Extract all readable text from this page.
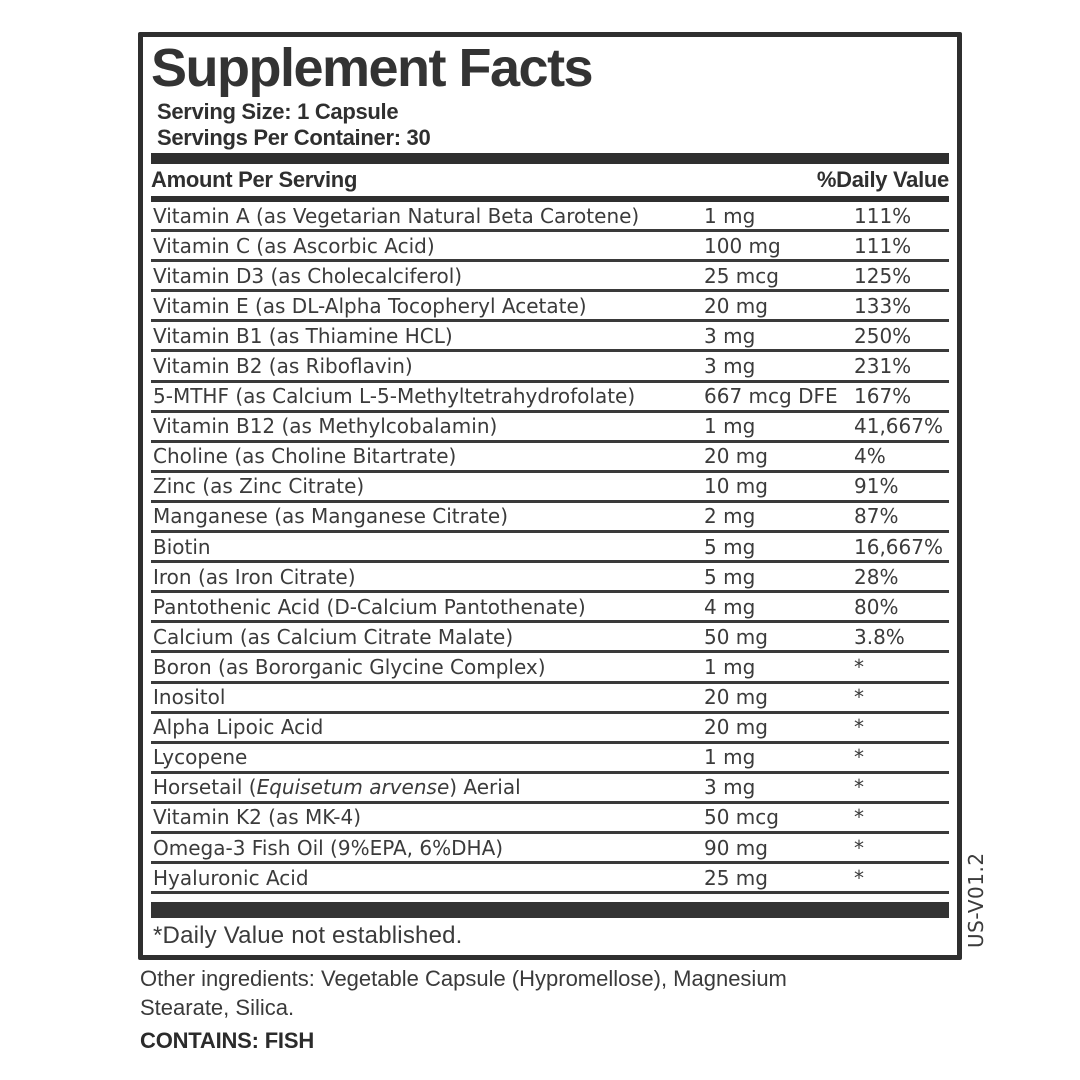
Supplement Facts
Serving Size: 1 Capsule
Servings Per Container: 30
Amount Per Serving	%Daily Value
Vitamin A (as Vegetarian Natural Beta Carotene)	1 mg	111%
Vitamin C (as Ascorbic Acid)	100 mg	111%
Vitamin D3 (as Cholecalciferol)	25 mcg	125%
Vitamin E (as DL-Alpha Tocopheryl Acetate)	20 mg	133%
Vitamin B1 (as Thiamine HCL)	3 mg	250%
Vitamin B2 (as Riboflavin)	3 mg	231%
5-MTHF (as Calcium L-5-Methyltetrahydrofolate)	667 mcg DFE 167%
Vitamin B12 (as Methylcobalamin)	1 mg	41,667%
Choline (as Choline Bitartrate)	20 mg	4%
Zinc (as Zinc Citrate)	10 mg	91%
Manganese (as Manganese Citrate)	2 mg	87%
Biotin	5 mg	16,667%
Iron (as Iron Citrate)	5 mg	28%
Pantothenic Acid (D-Calcium Pantothenate)	4 mg	80%
Calcium (as Calcium Citrate Malate)	50 mg	3.8%
Boron (as Bororganic Glycine Complex)	1 mg	*
Inositol	20 mg	*
Alpha Lipoic Acid	20 mg	*
Lycopene	1 mg	*
Horsetail (Equisetum arvense) Aerial	3 mg	*
Vitamin K2 (as MK-4)	50 mcg	*
Omega-3 Fish Oil (9%EPA, 6%DHA)	90 mg	*
Hyaluronic Acid	25 mg	*
*Daily Value not established.
Other ingredients: Vegetable Capsule (Hypromellose), Magnesium
Stearate, Silica.
CONTAINS: FISH
US-V01.2
